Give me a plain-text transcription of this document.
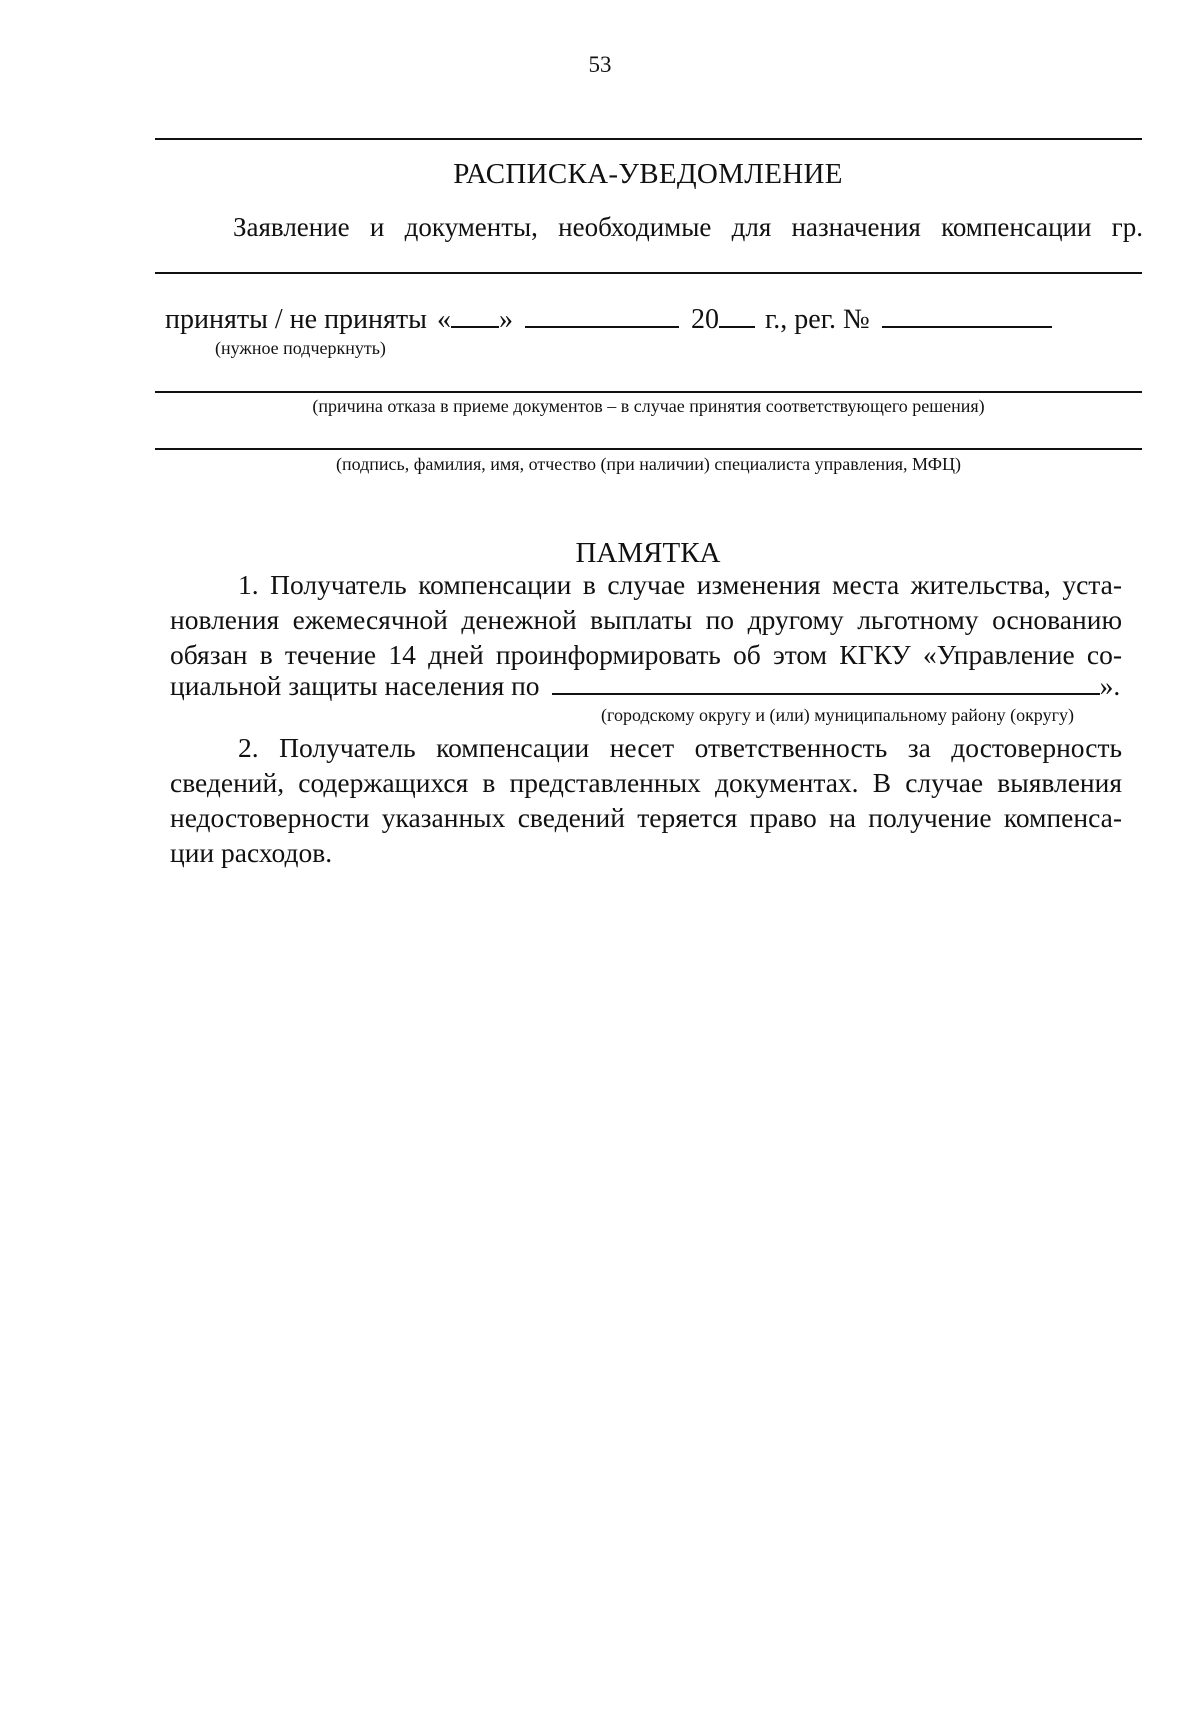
53
РАСПИСКА-УВЕДОМЛЕНИЕ
Заявление и документы, необходимые для назначения компенсации гр.
приняты / не приняты « »	20 г., рег. №
(нужное подчеркнуть)
(причина отказа в приеме документов – в случае принятия соответствующего решения)
(подпись, фамилия, имя, отчество (при наличии) специалиста управления, МФЦ)
ПАМЯТКА
1. Получатель компенсации в случае изменения места жительства, уста-
новления ежемесячной денежной выплаты по другому льготному основанию
обязан в течение 14 дней проинформировать об этом КГКУ «Управление со-
циальной защиты населения по	».
(городскому округу и (или) муниципальному району (округу)
2. Получатель компенсации несет ответственность за достоверность
сведений, содержащихся в представленных документах. В случае выявления
недостоверности указанных сведений теряется право на получение компенса-
ции расходов.
